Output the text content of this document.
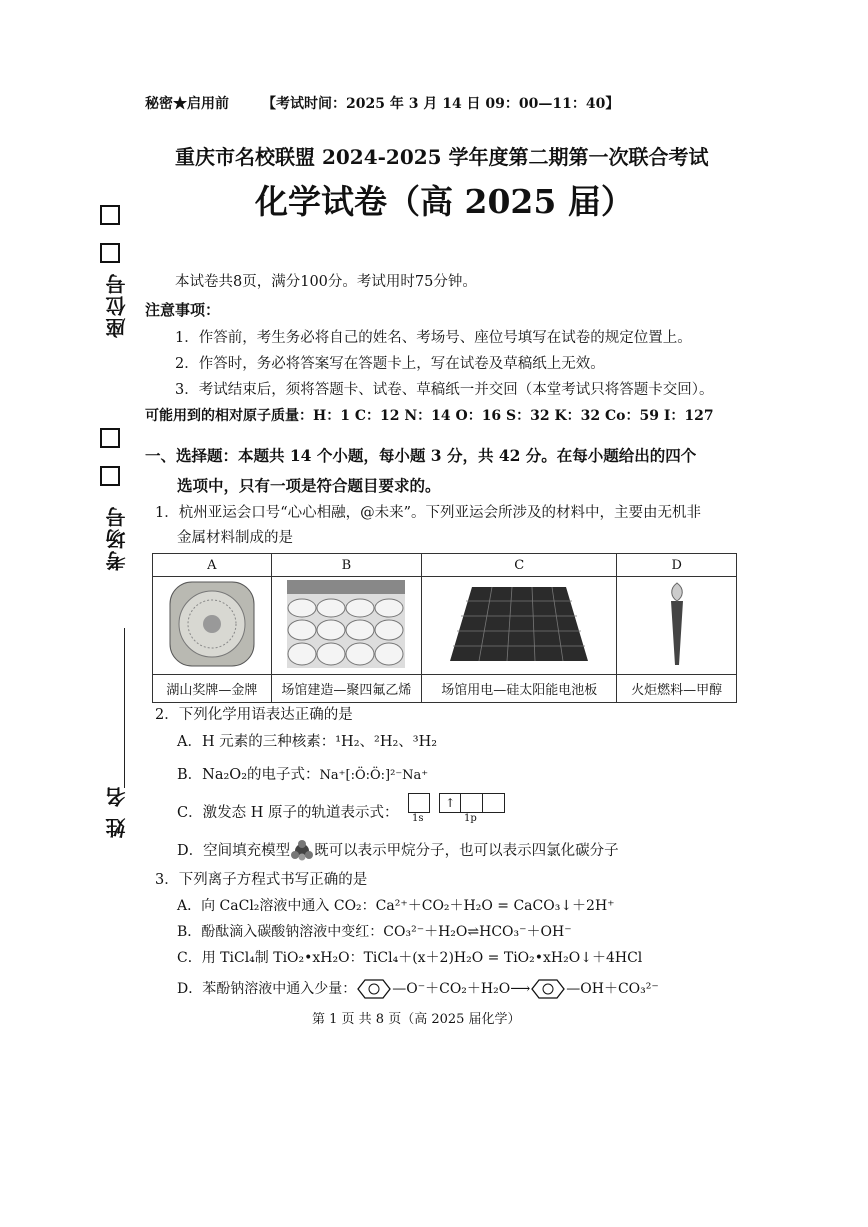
秘密★启用前 【考试时间：2025 年 3 月 14 日 09：00—11：40】
重庆市名校联盟 2024-2025 学年度第二期第一次联合考试
化学试卷（高 2025 届）
座位号
考场号
姓 名
本试卷共8页，满分100分。考试用时75分钟。
注意事项：
1．作答前，考生务必将自己的姓名、考场号、座位号填写在试卷的规定位置上。
2．作答时，务必将答案写在答题卡上，写在试卷及草稿纸上无效。
3．考试结束后，须将答题卡、试卷、草稿纸一并交回（本堂考试只将答题卡交回）。
可能用到的相对原子质量：H：1 C：12 N：14 O：16 S：32 K：32 Co：59 I：127
一、选择题：本题共 14 个小题，每小题 3 分，共 42 分。在每小题给出的四个
选项中，只有一项是符合题目要求的。
1．杭州亚运会口号“心心相融，@未来”。下列亚运会所涉及的材料中，主要由无机非
金属材料制成的是
A	B	C	D

湖山奖牌—金牌	场馆建造—聚四氟乙烯	场馆用电—硅太阳能电池板	火炬燃料—甲醇
2．下列化学用语表达正确的是
A．H 元素的三种核素：¹H₂、²H₂、³H₂
B．Na₂O₂的电子式：Na⁺[:Ö:Ö:]²⁻Na⁺
C．激发态 H 原子的轨道表示式：
↑
1s	1p
D．空间填充模型 既可以表示甲烷分子，也可以表示四氯化碳分子
3．下列离子方程式书写正确的是
A．向 CaCl₂溶液中通入 CO₂：Ca²⁺＋CO₂＋H₂O = CaCO₃↓＋2H⁺
B．酚酞滴入碳酸钠溶液中变红：CO₃²⁻＋H₂O⇌HCO₃⁻＋OH⁻
C．用 TiCl₄制 TiO₂•xH₂O：TiCl₄＋(x＋2)H₂O = TiO₂•xH₂O↓＋4HCl
D．苯酚钠溶液中通入少量：	—O⁻＋CO₂＋H₂O⟶	—OH＋CO₃²⁻
第 1 页 共 8 页（高 2025 届化学）
